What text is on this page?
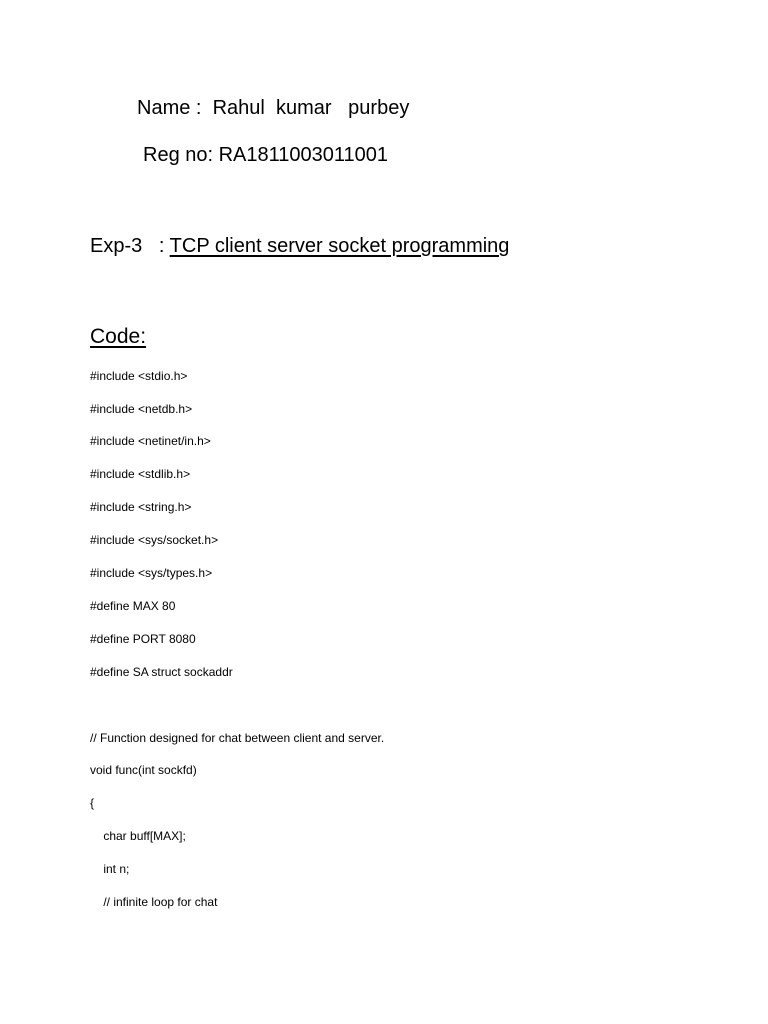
Name :  Rahul  kumar   purbey
Reg no: RA1811003011001
Exp-3   : TCP client server socket programming
Code:
#include <stdio.h>
#include <netdb.h>
#include <netinet/in.h>
#include <stdlib.h>
#include <string.h>
#include <sys/socket.h>
#include <sys/types.h>
#define MAX 80
#define PORT 8080
#define SA struct sockaddr
// Function designed for chat between client and server.
void func(int sockfd)
{
char buff[MAX];
int n;
// infinite loop for chat
